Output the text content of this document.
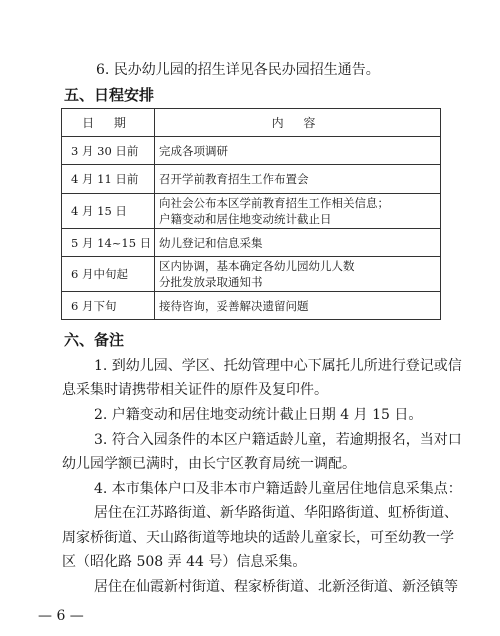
6. 民办幼儿园的招生详见各民办园招生通告。
五、日程安排
日 期	内 容
3 月 30 日前	完成各项调研
4 月 11 日前	召开学前教育招生工作布置会
4 月 15 日	向社会公布本区学前教育招生工作相关信息；
户籍变动和居住地变动统计截止日

5 月 14~15 日	幼儿登记和信息采集
6 月中旬起	区内协调，基本确定各幼儿园幼儿人数
分批发放录取通知书

6 月下旬	接待咨询，妥善解决遗留问题
六、备注
1. 到幼儿园、学区、托幼管理中心下属托儿所进行登记或信
息采集时请携带相关证件的原件及复印件。
2. 户籍变动和居住地变动统计截止日期 4 月 15 日。
3. 符合入园条件的本区户籍适龄儿童，若逾期报名，当对口
幼儿园学额已满时，由长宁区教育局统一调配。
4. 本市集体户口及非本市户籍适龄儿童居住地信息采集点：
居住在江苏路街道、新华路街道、华阳路街道、虹桥街道、
周家桥街道、天山路街道等地块的适龄儿童家长，可至幼教一学
区（昭化路 508 弄 44 号）信息采集。
居住在仙霞新村街道、程家桥街道、北新泾街道、新泾镇等
— 6 —
